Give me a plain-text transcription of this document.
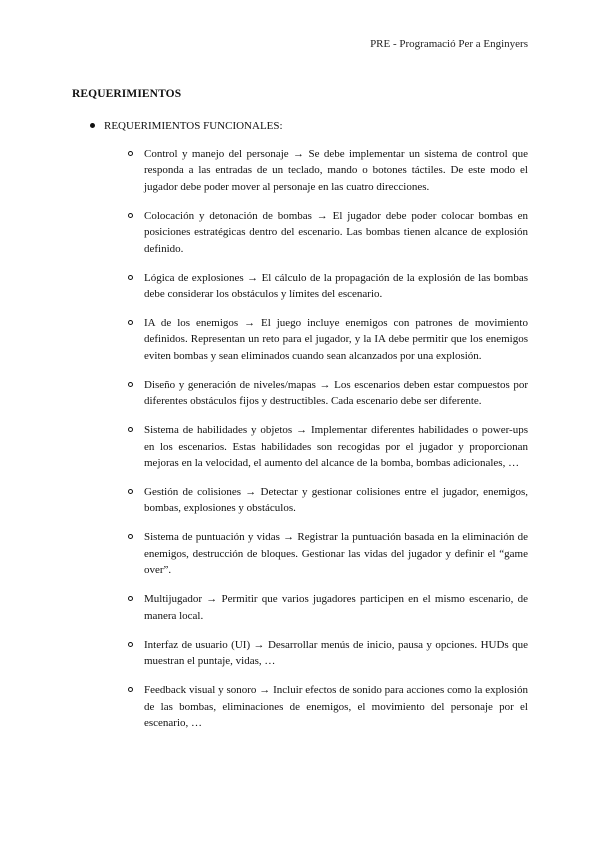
PRE - Programació Per a Enginyers
REQUERIMIENTOS
REQUERIMIENTOS FUNCIONALES:
Control y manejo del personaje → Se debe implementar un sistema de control que responda a las entradas de un teclado, mando o botones táctiles. De este modo el jugador debe poder mover al personaje en las cuatro direcciones.
Colocación y detonación de bombas → El jugador debe poder colocar bombas en posiciones estratégicas dentro del escenario. Las bombas tienen alcance de explosión definido.
Lógica de explosiones → El cálculo de la propagación de la explosión de las bombas debe considerar los obstáculos y límites del escenario.
IA de los enemigos → El juego incluye enemigos con patrones de movimiento definidos. Representan un reto para el jugador, y la IA debe permitir que los enemigos eviten bombas y sean eliminados cuando sean alcanzados por una explosión.
Diseño y generación de niveles/mapas → Los escenarios deben estar compuestos por diferentes obstáculos fijos y destructibles. Cada escenario debe ser diferente.
Sistema de habilidades y objetos → Implementar diferentes habilidades o power-ups en los escenarios. Estas habilidades son recogidas por el jugador y proporcionan mejoras en la velocidad, el aumento del alcance de la bomba, bombas adicionales, …
Gestión de colisiones → Detectar y gestionar colisiones entre el jugador, enemigos, bombas, explosiones y obstáculos.
Sistema de puntuación y vidas → Registrar la puntuación basada en la eliminación de enemigos, destrucción de bloques. Gestionar las vidas del jugador y definir el “game over”.
Multijugador → Permitir que varios jugadores participen en el mismo escenario, de manera local.
Interfaz de usuario (UI) → Desarrollar menús de inicio, pausa y opciones. HUDs que muestran el puntaje, vidas, …
Feedback visual y sonoro → Incluir efectos de sonido para acciones como la explosión de las bombas, eliminaciones de enemigos, el movimiento del personaje por el escenario, …
